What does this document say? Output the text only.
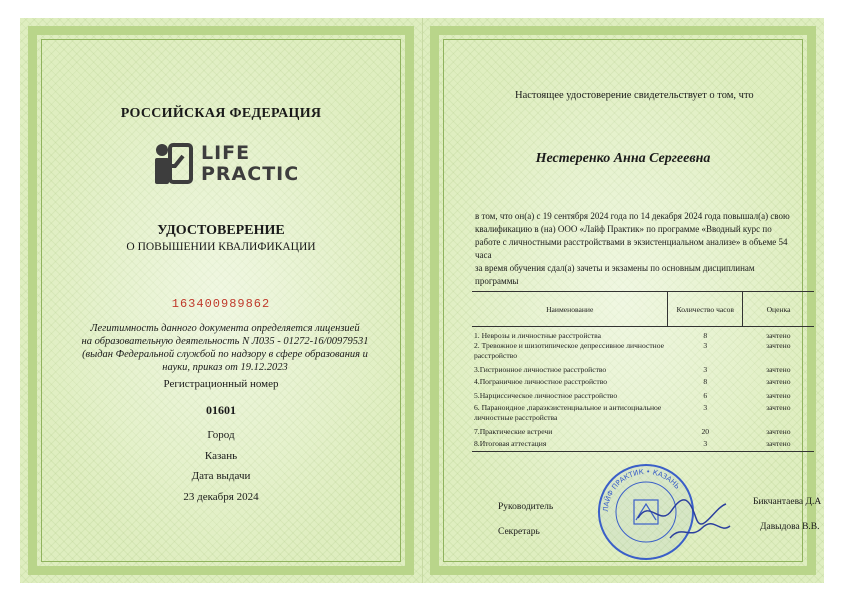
РОССИЙСКАЯ ФЕДЕРАЦИЯ
LIFE
PRACTIC
УДОСТОВЕРЕНИЕ
О ПОВЫШЕНИИ КВАЛИФИКАЦИИ
163400989862
Легитимность данного документа определяется лицензией
на образовательную деятельность N Л035 - 01272-16/00979531
(выдан Федеральной службой по надзору в сфере образования и
науки, приказ от 19.12.2023
Регистрационный номер
01601
Город
Казань
Дата выдачи
23 декабря 2024
Настоящее удостоверение свидетельствует о том, что
Нестеренко Анна Сергеевна
в том, что он(а) с 19 сентября 2024 года по 14 декабря 2024 года повышал(а) свою
квалификацию в (на) ООО «Лайф Практик» по программе «Вводный курс по
работе с личностными расстройствами в экзистенциальном анализе» в объеме 54 часа
за время обучения сдал(а) зачеты и экзамены по основным дисциплинам
программы
Наименование	Количество часов	Оценка
1. Неврозы и личностные расстройства	8	зачтено
2. Тревожное и шизотипическое депрессивное личностное расстройство	3	зачтено
3.Гистрионное личностное расстройство	3	зачтено
4.Пограничное личностное расстройство	8	зачтено
5.Нарциссическое личностное расстройство	6	зачтено
6. Параноидное ,параэкзистенциальное и антисоциальное личностные расстройства	3	зачтено
7.Практические встречи	20	зачтено
8.Итоговая аттестация	3	зачтено
Руководитель	Бикчантаева Д.А
Секретарь	Давыдова В.В.
ЛАЙФ ПРАКТИК • КАЗАНЬ
